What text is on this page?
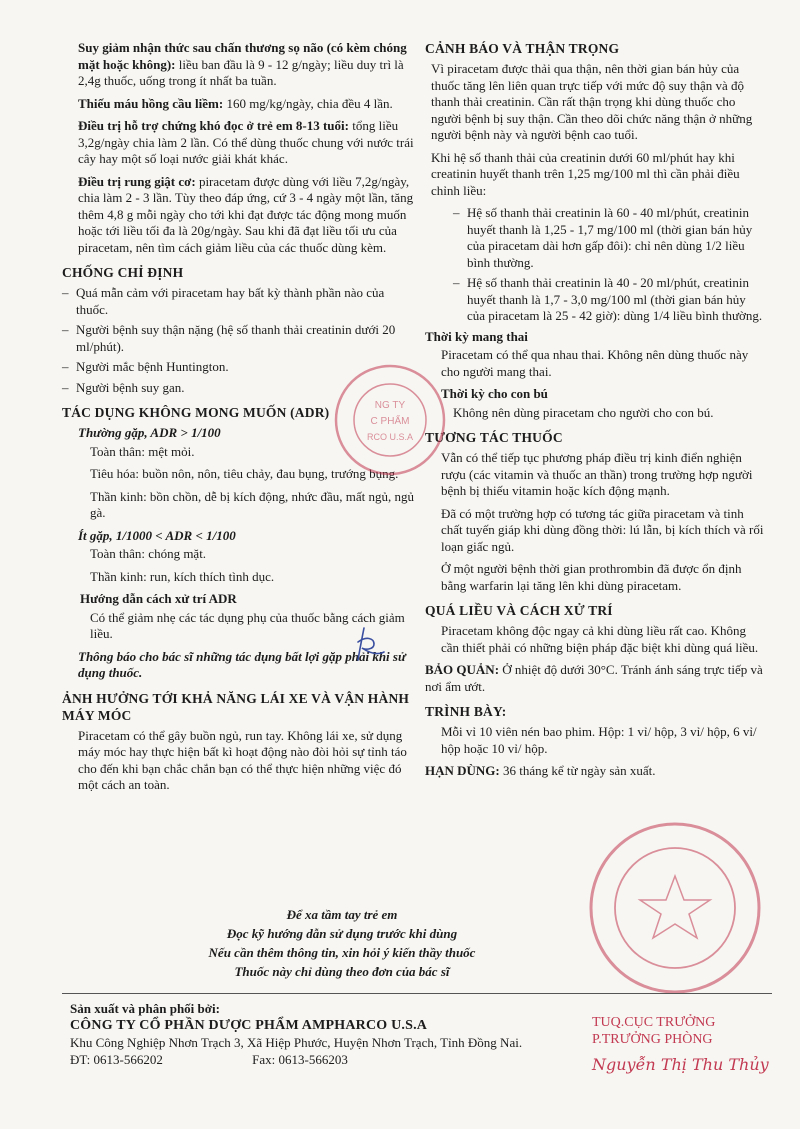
Suy giảm nhận thức sau chấn thương sọ não (có kèm chóng mặt hoặc không): liều ban đầu là 9 - 12 g/ngày; liều duy trì là 2,4g thuốc, uống trong ít nhất ba tuần.

Thiếu máu hồng cầu liềm: 160 mg/kg/ngày, chia đều 4 lần.

Điều trị hỗ trợ chứng khó đọc ở trẻ em 8-13 tuổi: tổng liều 3,2g/ngày chia làm 2 lần. Có thể dùng thuốc chung với nước trái cây hay một số loại nước giải khát khác.

Điều trị rung giật cơ: piracetam được dùng với liều 7,2g/ngày, chia làm 2 - 3 lần. Tùy theo đáp ứng, cứ 3 - 4 ngày một lần, tăng thêm 4,8 g mỗi ngày cho tới khi đạt được tác động mong muốn hoặc tới liều tối đa là 20g/ngày. Sau khi đã đạt liều tối ưu của piracetam, nên tìm cách giảm liều của các thuốc dùng kèm.

CHỐNG CHỈ ĐỊNH
– Quá mẫn cảm với piracetam hay bất kỳ thành phần nào của thuốc.
– Người bệnh suy thận nặng (hệ số thanh thải creatinin dưới 20 ml/phút).
– Người mắc bệnh Huntington.
– Người bệnh suy gan.
TÁC DỤNG KHÔNG MONG MUỐN (ADR)
Thường gặp, ADR > 1/100

Toàn thân: mệt mỏi.

Tiêu hóa: buồn nôn, nôn, tiêu chảy, đau bụng, trướng bụng.

Thần kinh: bồn chồn, dễ bị kích động, nhức đầu, mất ngủ, ngủ gà.

Ít gặp, 1/1000 < ADR < 1/100

Toàn thân: chóng mặt.

Thần kinh: run, kích thích tình dục.

Hướng dẫn cách xử trí ADR

Có thể giảm nhẹ các tác dụng phụ của thuốc bằng cách giảm liều.

Thông báo cho bác sĩ những tác dụng bất lợi gặp phải khi sử dụng thuốc.

ẢNH HƯỞNG TỚI KHẢ NĂNG LÁI XE VÀ VẬN HÀNH MÁY MÓC

Piracetam có thể gây buồn ngủ, run tay. Không lái xe, sử dụng máy móc hay thực hiện bất kì hoạt động nào đòi hỏi sự tỉnh táo cho đến khi bạn chắc chắn bạn có thể thực hiện những việc đó một cách an toàn.

CẢNH BÁO VÀ THẬN TRỌNG

Vì piracetam được thải qua thận, nên thời gian bán hủy của thuốc tăng lên liên quan trực tiếp với mức độ suy thận và độ thanh thải creatinin. Cần rất thận trọng khi dùng thuốc cho người bệnh bị suy thận. Cần theo dõi chức năng thận ở những người bệnh này và người bệnh cao tuổi.

Khi hệ số thanh thải của creatinin dưới 60 ml/phút hay khi creatinin huyết thanh trên 1,25 mg/100 ml thì cần phải điều chỉnh liều:

– Hệ số thanh thải creatinin là 60 - 40 ml/phút, creatinin huyết thanh là 1,25 - 1,7 mg/100 ml (thời gian bán hủy của piracetam dài hơn gấp đôi): chỉ nên dùng 1/2 liều bình thường.
– Hệ số thanh thải creatinin là 40 - 20 ml/phút, creatinin huyết thanh là 1,7 - 3,0 mg/100 ml (thời gian bán hủy của piracetam là 25 - 42 giờ): dùng 1/4 liều bình thường.
Thời kỳ mang thai

Piracetam có thể qua nhau thai. Không nên dùng thuốc này cho người mang thai.

Thời kỳ cho con bú

Không nên dùng piracetam cho người cho con bú.

TƯƠNG TÁC THUỐC

Vẫn có thể tiếp tục phương pháp điều trị kinh điển nghiện rượu (các vitamin và thuốc an thần) trong trường hợp người bệnh bị thiếu vitamin hoặc kích động mạnh.

Đã có một trường hợp có tương tác giữa piracetam và tinh chất tuyến giáp khi dùng đồng thời: lú lẫn, bị kích thích và rối loạn giấc ngủ.

Ở một người bệnh thời gian prothrombin đã được ổn định bằng warfarin lại tăng lên khi dùng piracetam.

QUÁ LIỀU VÀ CÁCH XỬ TRÍ

Piracetam không độc ngay cả khi dùng liều rất cao. Không cần thiết phải có những biện pháp đặc biệt khi dùng quá liều.

BẢO QUẢN: Ở nhiệt độ dưới 30°C. Tránh ánh sáng trực tiếp và nơi ẩm ướt.

TRÌNH BÀY:

Mỗi vỉ 10 viên nén bao phim. Hộp: 1 vỉ/ hộp, 3 vỉ/ hộp, 6 vỉ/ hộp hoặc 10 vỉ/ hộp.

HẠN DÙNG: 36 tháng kể từ ngày sản xuất.

NG TY
C PHẨM
RCO U.S.A
Để xa tầm tay trẻ em
Đọc kỹ hướng dẫn sử dụng trước khi dùng
Nếu cần thêm thông tin, xin hỏi ý kiến thầy thuốc
Thuốc này chỉ dùng theo đơn của bác sĩ
Sản xuất và phân phối bởi:
CÔNG TY CỔ PHẦN DƯỢC PHẨM AMPHARCO U.S.A
Khu Công Nghiệp Nhơn Trạch 3, Xã Hiệp Phước, Huyện Nhơn Trạch, Tỉnh Đồng Nai.
ĐT: 0613-566202	Fax: 0613-566203
TUQ.CỤC TRƯỞNG
P.TRƯỞNG PHÒNG
Nguyễn Thị Thu Thủy
